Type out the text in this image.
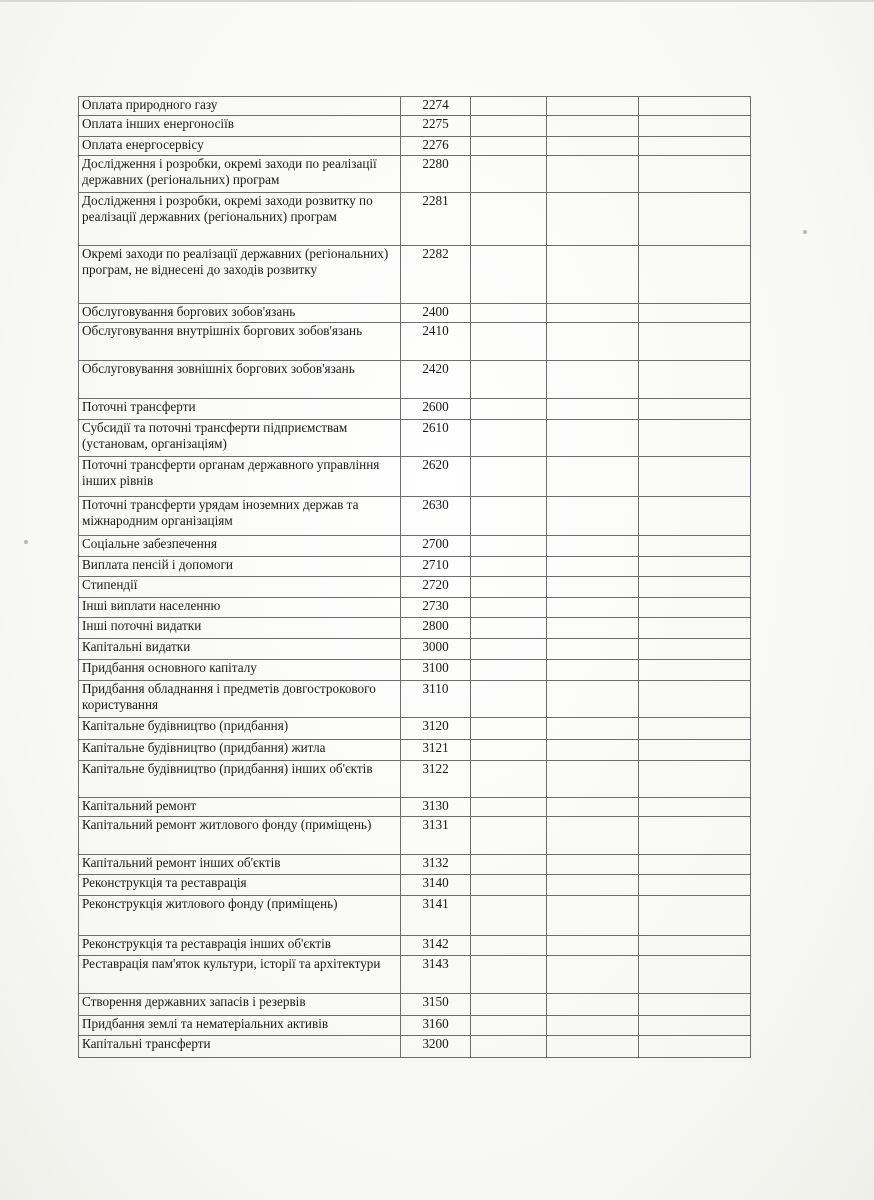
Оплата природного газу	2274			
Оплата інших енергоносіїв	2275			
Оплата енергосервісу	2276			
Дослідження і розробки, окремі заходи по реалізації державних (регіональних) програм	2280			
Дослідження і розробки, окремі заходи розвитку по реалізації державних (регіональних) програм	2281			
Окремі заходи по реалізації державних (регіональних) програм, не віднесені до заходів розвитку	2282			
Обслуговування боргових зобов'язань	2400			
Обслуговування внутрішніх боргових зобов'язань	2410			
Обслуговування зовнішніх боргових зобов'язань	2420			
Поточні трансферти	2600			
Субсидії та поточні трансферти підприємствам (установам, організаціям)	2610			
Поточні трансферти органам державного управління інших рівнів	2620			
Поточні трансферти урядам іноземних держав та міжнародним організаціям	2630			
Соціальне забезпечення	2700			
Виплата пенсій і допомоги	2710			
Стипендії	2720			
Інші виплати населенню	2730			
Інші поточні видатки	2800			
Капітальні видатки	3000			
Придбання основного капіталу	3100			
Придбання обладнання і предметів довгострокового користування	3110			
Капітальне будівництво (придбання)	3120			
Капітальне будівництво (придбання) житла	3121			
Капітальне будівництво (придбання) інших об'єктів	3122			
Капітальний ремонт	3130			
Капітальний ремонт житлового фонду (приміщень)	3131			
Капітальний ремонт інших об'єктів	3132			
Реконструкція та реставрація	3140			
Реконструкція житлового фонду (приміщень)	3141			
Реконструкція та реставрація інших об'єктів	3142			
Реставрація пам'яток культури, історії та архітектури	3143			
Створення державних запасів і резервів	3150			
Придбання землі та нематеріальних активів	3160			
Капітальні трансферти	3200			
